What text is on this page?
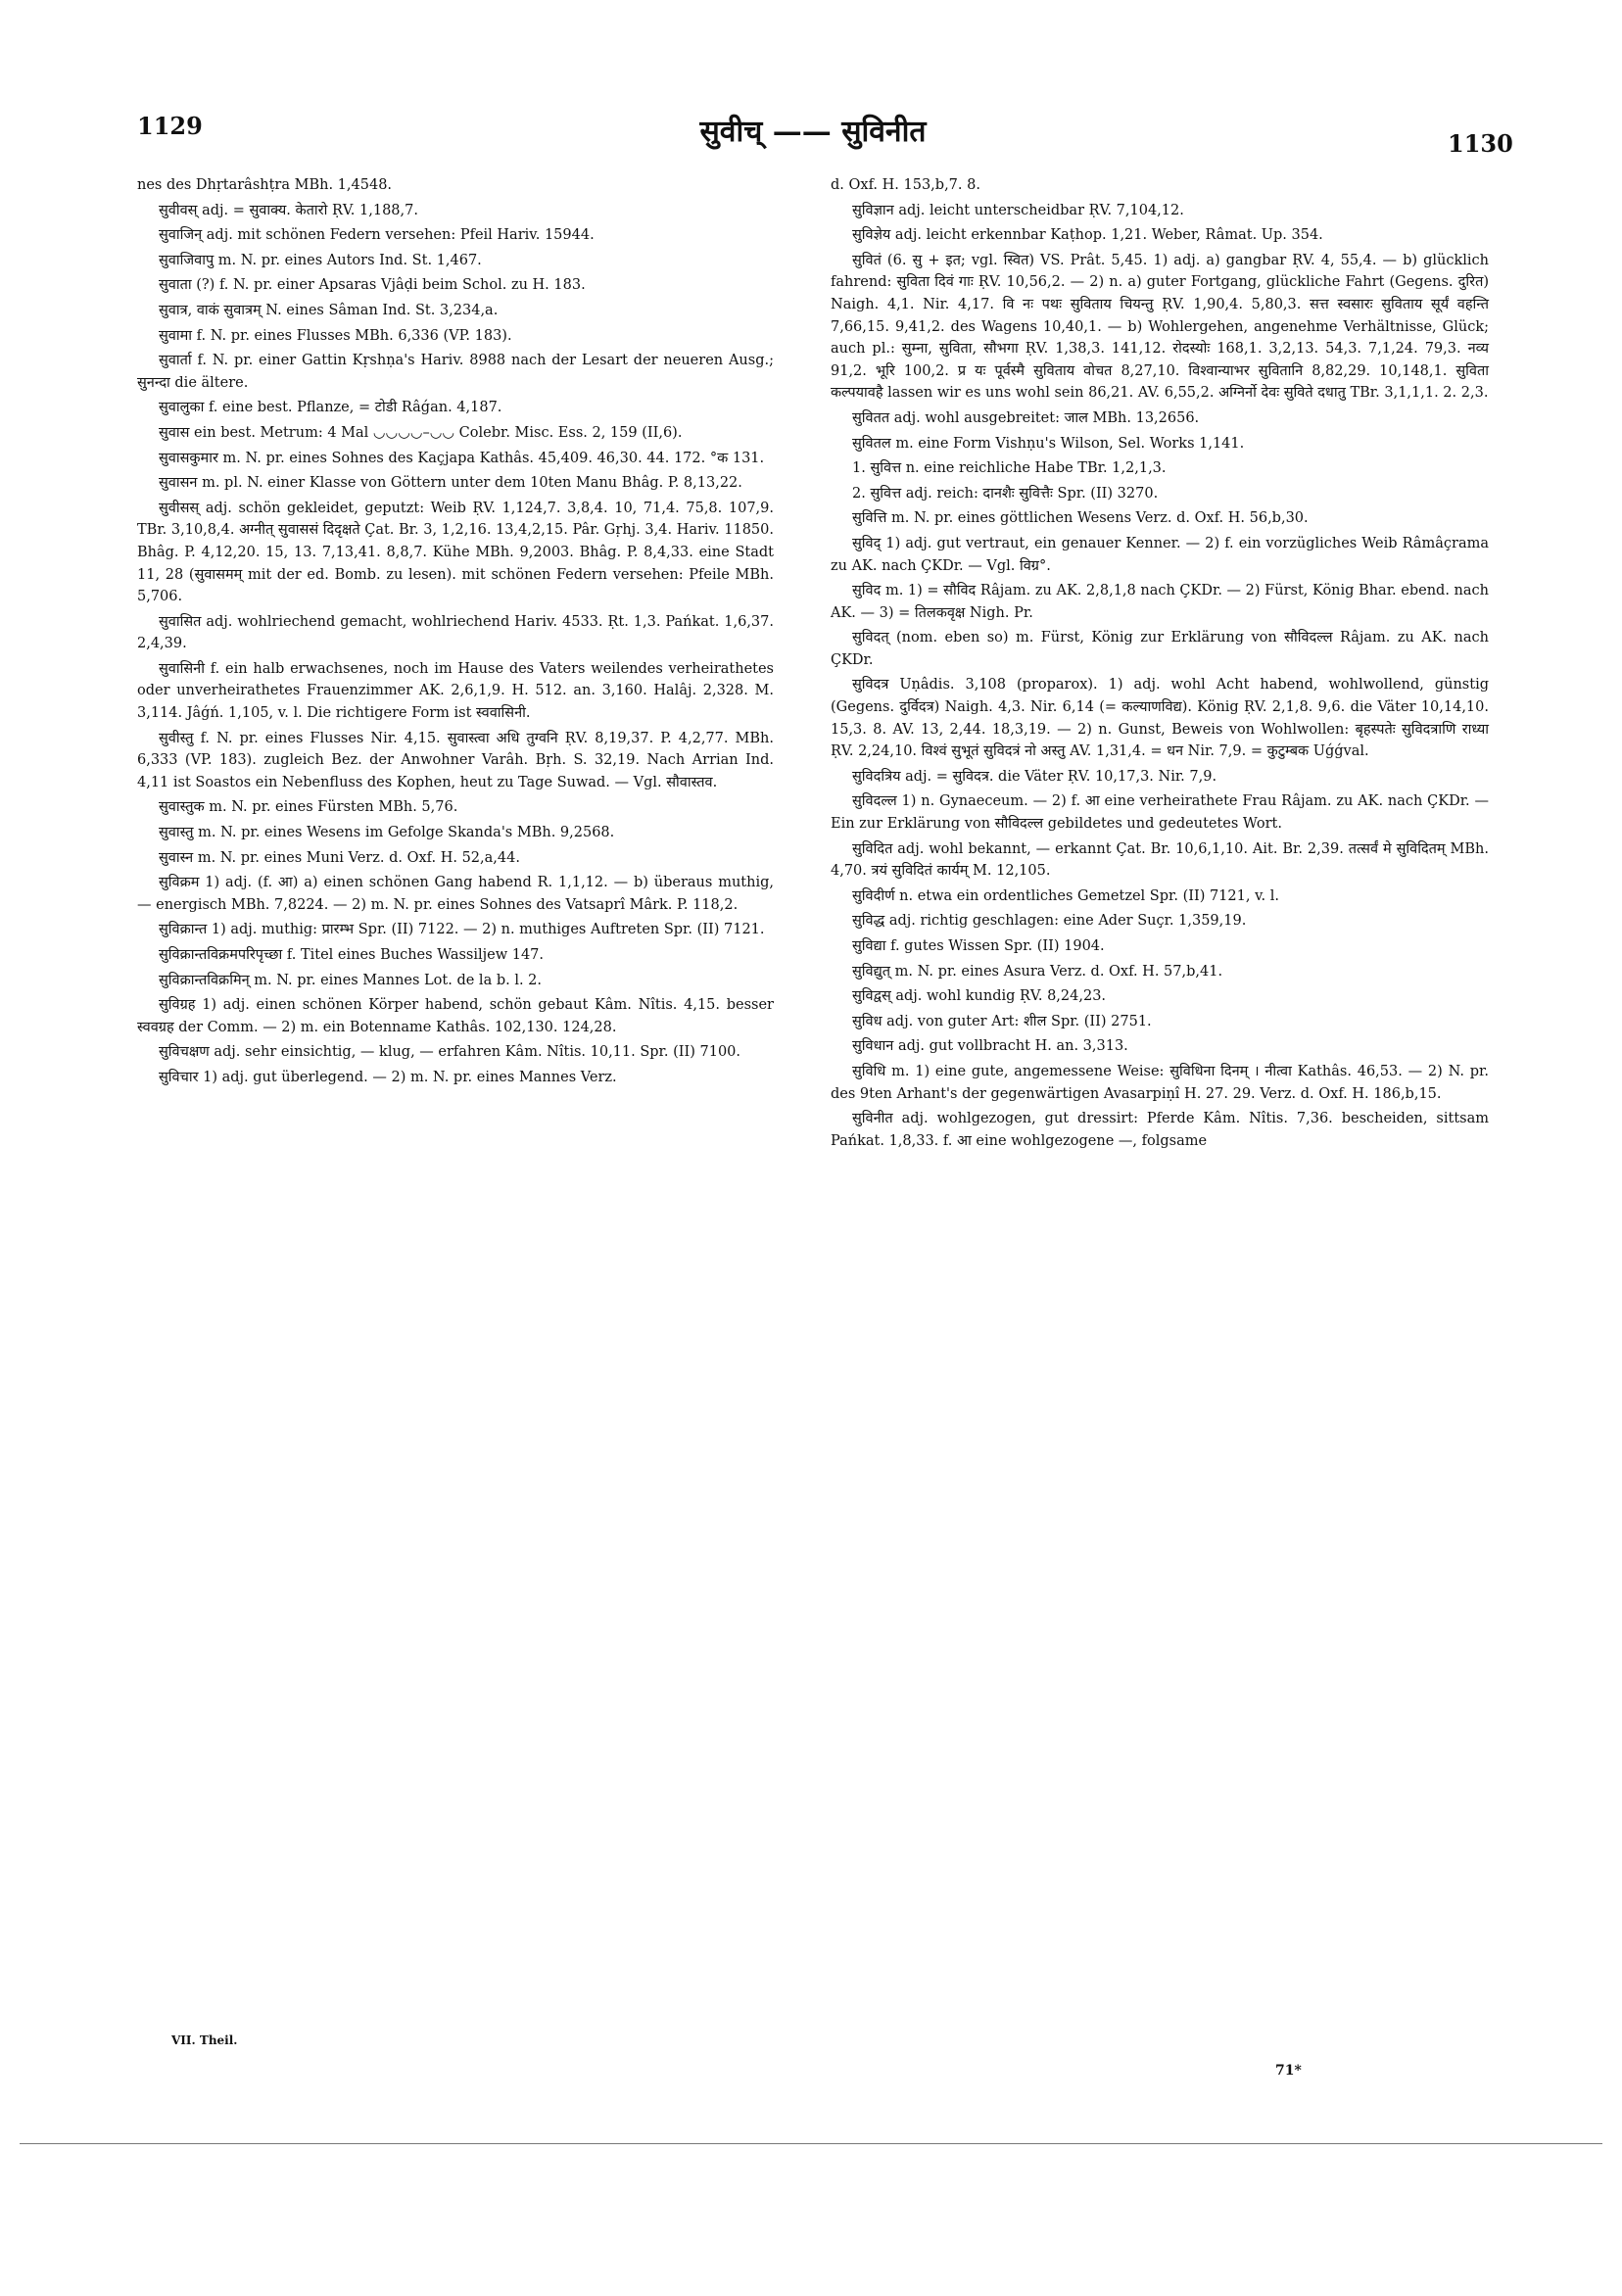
1129	सुवीच् —— सुविनीत	1130

nes des Dhṛtarâshṭra MBh. 1,4548.

सुवीवस् adj. = सुवाक्य. केतारो ṚV. 1,188,7.

सुवाजिन् adj. mit schönen Federn versehen: Pfeil Hariv. 15944.

सुवाजिवापु m. N. pr. eines Autors Ind. St. 1,467.

सुवाता (?) f. N. pr. einer Apsaras Vjâḍi beim Schol. zu H. 183.

सुवात्र, वाकं सुवात्रम् N. eines Sâman Ind. St. 3,234,a.

सुवामा f. N. pr. eines Flusses MBh. 6,336 (VP. 183).

सुवार्ता f. N. pr. einer Gattin Kṛshṇa's Hariv. 8988 nach der Lesart der neueren Ausg.; सुनन्दा die ältere.

सुवालुका f. eine best. Pflanze, = टोडी Râǵan. 4,187.

सुवास ein best. Metrum: 4 Mal ◡◡◡◡–◡◡ Colebr. Misc. Ess. 2, 159 (II,6).

सुवासकुमार m. N. pr. eines Sohnes des Kaçjapa Kathâs. 45,409. 46,30. 44. 172. °क 131.

सुवासन m. pl. N. einer Klasse von Göttern unter dem 10ten Manu Bhâg. P. 8,13,22.

सुवीसस् adj. schön gekleidet, geputzt: Weib ṚV. 1,124,7. 3,8,4. 10, 71,4. 75,8. 107,9. TBr. 3,10,8,4. अग्नीत् सुवाससं दिदृक्षते Çat. Br. 3, 1,2,16. 13,4,2,15. Pâr. Gṛhj. 3,4. Hariv. 11850. Bhâg. P. 4,12,20. 15, 13. 7,13,41. 8,8,7. Kühe MBh. 9,2003. Bhâg. P. 8,4,33. eine Stadt 11, 28 (सुवासमम् mit der ed. Bomb. zu lesen). mit schönen Federn versehen: Pfeile MBh. 5,706.

सुवासित adj. wohlriechend gemacht, wohlriechend Hariv. 4533. Ṛt. 1,3. Pańkat. 1,6,37. 2,4,39.

सुवासिनी f. ein halb erwachsenes, noch im Hause des Vaters weilendes verheirathetes oder unverheirathetes Frauenzimmer AK. 2,6,1,9. H. 512. an. 3,160. Halâj. 2,328. M. 3,114. Jâǵń. 1,105, v. l. Die richtigere Form ist स्ववासिनी.

सुवीस्तु f. N. pr. eines Flusses Nir. 4,15. सुवास्त्वा अधि तुग्वनि ṚV. 8,19,37. P. 4,2,77. MBh. 6,333 (VP. 183). zugleich Bez. der Anwohner Varâh. Bṛh. S. 32,19. Nach Arrian Ind. 4,11 ist Soastos ein Nebenfluss des Kophen, heut zu Tage Suwad. — Vgl. सौवास्तव.

सुवास्तुक m. N. pr. eines Fürsten MBh. 5,76.

सुवास्तु m. N. pr. eines Wesens im Gefolge Skanda's MBh. 9,2568.

सुवास्न m. N. pr. eines Muni Verz. d. Oxf. H. 52,a,44.

सुविक्रम 1) adj. (f. आ) a) einen schönen Gang habend R. 1,1,12. — b) überaus muthig, — energisch MBh. 7,8224. — 2) m. N. pr. eines Sohnes des Vatsaprî Mârk. P. 118,2.

सुविक्रान्त 1) adj. muthig: प्रारम्भ Spr. (II) 7122. — 2) n. muthiges Auftreten Spr. (II) 7121.

सुविक्रान्तविक्रमपरिपृच्छा f. Titel eines Buches Wassiljew 147.

सुविक्रान्तविक्रमिन् m. N. pr. eines Mannes Lot. de la b. l. 2.

सुविग्रह 1) adj. einen schönen Körper habend, schön gebaut Kâm. Nîtis. 4,15. besser स्ववग्रह der Comm. — 2) m. ein Botenname Kathâs. 102,130. 124,28.

सुविचक्षण adj. sehr einsichtig, — klug, — erfahren Kâm. Nîtis. 10,11. Spr. (II) 7100.

सुविचार 1) adj. gut überlegend. — 2) m. N. pr. eines Mannes Verz.

d. Oxf. H. 153,b,7. 8.

सुविज्ञान adj. leicht unterscheidbar ṚV. 7,104,12.

सुविज्ञेय adj. leicht erkennbar Kaṭhop. 1,21. Weber, Râmat. Up. 354.

सुवितं (6. सु + इत; vgl. स्वित) VS. Prât. 5,45. 1) adj. a) gangbar ṚV. 4, 55,4. — b) glücklich fahrend: सुविता दिवं गाः ṚV. 10,56,2. — 2) n. a) guter Fortgang, glückliche Fahrt (Gegens. दुरित) Naigh. 4,1. Nir. 4,17. वि नः पथः सुविताय चियन्तु ṚV. 1,90,4. 5,80,3. सत्त स्वसारः सुविताय सूर्यं वहन्ति 7,66,15. 9,41,2. des Wagens 10,40,1. — b) Wohlergehen, angenehme Verhältnisse, Glück; auch pl.: सुम्ना, सुविता, सौभगा ṚV. 1,38,3. 141,12. रोदस्योः 168,1. 3,2,13. 54,3. 7,1,24. 79,3. नव्य 91,2. भूरि 100,2. प्र यः पूर्वस्मै सुविताय वोचत 8,27,10. विश्वान्याभर सुवितानि 8,82,29. 10,148,1. सुविता कल्पयावहै lassen wir es uns wohl sein 86,21. AV. 6,55,2. अग्निर्नो देवः सुविते दधातु TBr. 3,1,1,1. 2. 2,3.

सुवितत adj. wohl ausgebreitet: जाल MBh. 13,2656.

सुवितल m. eine Form Vishṇu's Wilson, Sel. Works 1,141.

1. सुवित्त n. eine reichliche Habe TBr. 1,2,1,3.

2. सुवित्त adj. reich: दानशैः सुवित्तैः Spr. (II) 3270.

सुवित्ति m. N. pr. eines göttlichen Wesens Verz. d. Oxf. H. 56,b,30.

सुविद् 1) adj. gut vertraut, ein genauer Kenner. — 2) f. ein vorzügliches Weib Râmâçrama zu AK. nach ÇKDr. — Vgl. विग्र°.

सुविद m. 1) = सौविद Râjam. zu AK. 2,8,1,8 nach ÇKDr. — 2) Fürst, König Bhar. ebend. nach AK. — 3) = तिलकवृक्ष Nigh. Pr.

सुविदत् (nom. eben so) m. Fürst, König zur Erklärung von सौविदल्ल Râjam. zu AK. nach ÇKDr.

सुविदत्र Uṇâdis. 3,108 (proparox). 1) adj. wohl Acht habend, wohlwollend, günstig (Gegens. दुर्विदत्र) Naigh. 4,3. Nir. 6,14 (= कल्याणविद्य). König ṚV. 2,1,8. 9,6. die Väter 10,14,10. 15,3. 8. AV. 13, 2,44. 18,3,19. — 2) n. Gunst, Beweis von Wohlwollen: बृहस्पतेः सुविदत्राणि राध्या ṚV. 2,24,10. विश्वं सुभूतं सुविदत्रं नो अस्तु AV. 1,31,4. = धन Nir. 7,9. = कुटुम्बक Uǵǵval.

सुविदत्रिय adj. = सुविदत्र. die Väter ṚV. 10,17,3. Nir. 7,9.

सुविदल्ल 1) n. Gynaeceum. — 2) f. आ eine verheirathete Frau Râjam. zu AK. nach ÇKDr. — Ein zur Erklärung von सौविदल्ल gebildetes und gedeutetes Wort.

सुविदित adj. wohl bekannt, — erkannt Çat. Br. 10,6,1,10. Ait. Br. 2,39. तत्सर्वं मे सुविदितम् MBh. 4,70. त्रयं सुविदितं कार्यम् M. 12,105.

सुविदीर्ण n. etwa ein ordentliches Gemetzel Spr. (II) 7121, v. l.

सुविद्ध adj. richtig geschlagen: eine Ader Suçr. 1,359,19.

सुविद्या f. gutes Wissen Spr. (II) 1904.

सुविद्युत् m. N. pr. eines Asura Verz. d. Oxf. H. 57,b,41.

सुविद्वस् adj. wohl kundig ṚV. 8,24,23.

सुविध adj. von guter Art: शील Spr. (II) 2751.

सुविधान adj. gut vollbracht H. an. 3,313.

सुविधि m. 1) eine gute, angemessene Weise: सुविधिना दिनम् । नीत्वा Kathâs. 46,53. — 2) N. pr. des 9ten Arhant's der gegenwärtigen Avasarpiṇî H. 27. 29. Verz. d. Oxf. H. 186,b,15.

सुविनीत adj. wohlgezogen, gut dressirt: Pferde Kâm. Nîtis. 7,36. bescheiden, sittsam Pańkat. 1,8,33. f. आ eine wohlgezogene —, folgsame

VII. Theil.
71*
